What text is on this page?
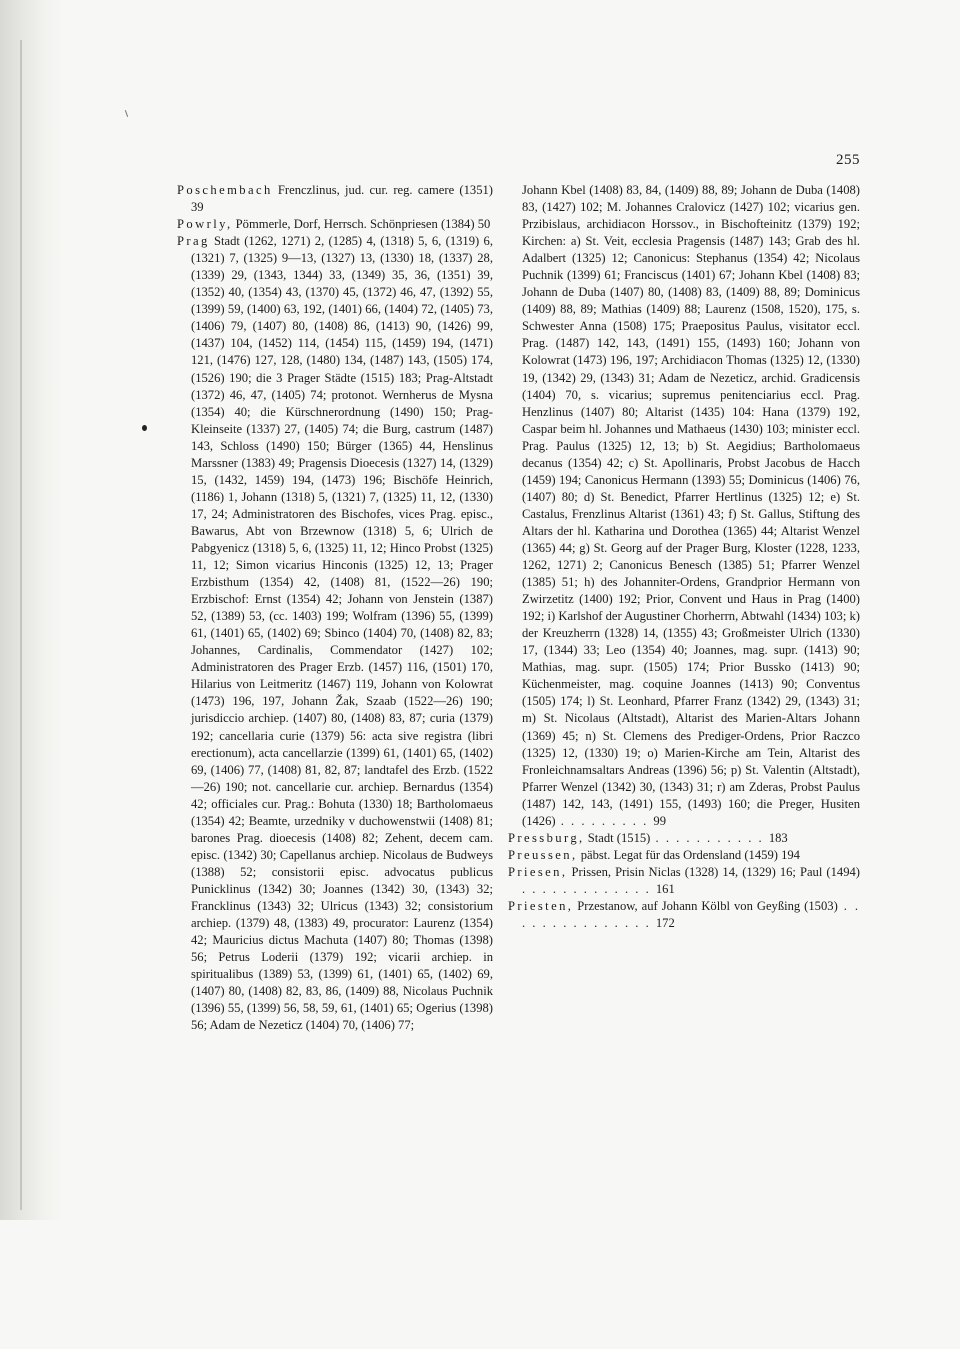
255

Poschembach Frenczlinus, jud. cur. reg. camere (1351) 39

Powrly, Pömmerle, Dorf, Herrsch. Schönpriesen (1384) 50

Prag Stadt (1262, 1271) 2, (1285) 4, (1318) 5, 6, (1319) 6, (1321) 7, (1325) 9—13, (1327) 13, (1330) 18, (1337) 28, (1339) 29, (1343, 1344) 33, (1349) 35, 36, (1351) 39, (1352) 40, (1354) 43, (1370) 45, (1372) 46, 47, (1392) 55, (1399) 59, (1400) 63, 192, (1401) 66, (1404) 72, (1405) 73, (1406) 79, (1407) 80, (1408) 86, (1413) 90, (1426) 99, (1437) 104, (1452) 114, (1454) 115, (1459) 194, (1471) 121, (1476) 127, 128, (1480) 134, (1487) 143, (1505) 174, (1526) 190; die 3 Prager Städte (1515) 183; Prag-Altstadt (1372) 46, 47, (1405) 74; protonot. Wernherus de Mysna (1354) 40; die Kürschnerordnung (1490) 150; Prag-Kleinseite (1337) 27, (1405) 74; die Burg, castrum (1487) 143, Schloss (1490) 150; Bürger (1365) 44, Henslinus Marssner (1383) 49; Pragensis Dioecesis (1327) 14, (1329) 15, (1432, 1459) 194, (1473) 196; Bischöfe Heinrich, (1186) 1, Johann (1318) 5, (1321) 7, (1325) 11, 12, (1330) 17, 24; Administratoren des Bischofes, vices Prag. episc., Bawarus, Abt von Brzewnow (1318) 5, 6; Ulrich de Pabgyenicz (1318) 5, 6, (1325) 11, 12; Hinco Probst (1325) 11, 12; Simon vicarius Hinconis (1325) 12, 13; Prager Erzbisthum (1354) 42, (1408) 81, (1522—26) 190; Erzbischof: Ernst (1354) 42; Johann von Jenstein (1387) 52, (1389) 53, (cc. 1403) 199; Wolfram (1396) 55, (1399) 61, (1401) 65, (1402) 69; Sbinco (1404) 70, (1408) 82, 83; Johannes, Cardinalis, Commendator (1427) 102; Administratoren des Prager Erzb. (1457) 116, (1501) 170, Hilarius von Leitmeritz (1467) 119, Johann von Kolowrat (1473) 196, 197, Johann Žak, Szaab (1522—26) 190; jurisdiccio archiep. (1407) 80, (1408) 83, 87; curia (1379) 192; cancellaria curie (1379) 56: acta sive registra (libri erectionum), acta cancellarzie (1399) 61, (1401) 65, (1402) 69, (1406) 77, (1408) 81, 82, 87; landtafel des Erzb. (1522—26) 190; not. cancellarie cur. archiep. Bernardus (1354) 42; officiales cur. Prag.: Bohuta (1330) 18; Bartholomaeus (1354) 42; Beamte, urzedniky v duchowenstwii (1408) 81; barones Prag. dioecesis (1408) 82; Zehent, decem cam. episc. (1342) 30; Capellanus archiep. Nicolaus de Budweys (1388) 52; consistorii episc. advocatus publicus Punicklinus (1342) 30; Joannes (1342) 30, (1343) 32; Francklinus (1343) 32; Ulricus (1343) 32; consistorium archiep. (1379) 48, (1383) 49, procurator: Laurenz (1354) 42; Mauricius dictus Machuta (1407) 80; Thomas (1398) 56; Petrus Loderii (1379) 192; vicarii archiep. in spiritualibus (1389) 53, (1399) 61, (1401) 65, (1402) 69, (1407) 80, (1408) 82, 83, 86, (1409) 88, Nicolaus Puchnik (1396) 55, (1399) 56, 58, 59, 61, (1401) 65; Ogerius (1398) 56; Adam de Nezeticz (1404) 70, (1406) 77;

Johann Kbel (1408) 83, 84, (1409) 88, 89; Johann de Duba (1408) 83, (1427) 102; M. Johannes Cralovicz (1427) 102; vicarius gen. Przibislaus, archidiacon Horssov., in Bischofteinitz (1379) 192; Kirchen: a) St. Veit, ecclesia Pragensis (1487) 143; Grab des hl. Adalbert (1325) 12; Canonicus: Stephanus (1354) 42; Nicolaus Puchnik (1399) 61; Franciscus (1401) 67; Johann Kbel (1408) 83; Johann de Duba (1407) 80, (1408) 83, (1409) 88, 89; Dominicus (1409) 88, 89; Mathias (1409) 88; Laurenz (1508, 1520), 175, s. Schwester Anna (1508) 175; Praepositus Paulus, visitator eccl. Prag. (1487) 142, 143, (1491) 155, (1493) 160; Johann von Kolowrat (1473) 196, 197; Archidiacon Thomas (1325) 12, (1330) 19, (1342) 29, (1343) 31; Adam de Nezeticz, archid. Gradicensis (1404) 70, s. vicarius; supremus penitenciarius eccl. Prag. Henzlinus (1407) 80; Altarist (1435) 104: Hana (1379) 192, Caspar beim hl. Johannes und Mathaeus (1430) 103; minister eccl. Prag. Paulus (1325) 12, 13; b) St. Aegidius; Bartholomaeus decanus (1354) 42; c) St. Apollinaris, Probst Jacobus de Hacch (1459) 194; Canonicus Hermann (1393) 55; Dominicus (1406) 76, (1407) 80; d) St. Benedict, Pfarrer Hertlinus (1325) 12; e) St. Castalus, Frenzlinus Altarist (1361) 43; f) St. Gallus, Stiftung des Altars der hl. Katharina und Dorothea (1365) 44; Altarist Wenzel (1365) 44; g) St. Georg auf der Prager Burg, Kloster (1228, 1233, 1262, 1271) 2; Canonicus Benesch (1385) 51; Pfarrer Wenzel (1385) 51; h) des Johanniter-Ordens, Grandprior Hermann von Zwirzetitz (1400) 192; Prior, Convent und Haus in Prag (1400) 192; i) Karlshof der Augustiner Chorherrn, Abtwahl (1434) 103; k) der Kreuzherrn (1328) 14, (1355) 43; Großmeister Ulrich (1330) 17, (1344) 33; Leo (1354) 40; Joannes, mag. supr. (1413) 90; Mathias, mag. supr. (1505) 174; Prior Bussko (1413) 90; Küchenmeister, mag. coquine Joannes (1413) 90; Conventus (1505) 174; l) St. Leonhard, Pfarrer Franz (1342) 29, (1343) 31; m) St. Nicolaus (Altstadt), Altarist des Marien-Altars Johann (1369) 45; n) St. Clemens des Prediger-Ordens, Prior Raczco (1325) 12, (1330) 19; o) Marien-Kirche am Tein, Altarist des Fronleichnamsaltars Andreas (1396) 56; p) St. Valentin (Altstadt), Pfarrer Wenzel (1342) 30, (1343) 31; r) am Zderas, Probst Paulus (1487) 142, 143, (1491) 155, (1493) 160; die Preger, Husiten (1426) . . . . . . . . . 99

Pressburg, Stadt (1515) . . . . . . . . . . . 183

Preussen, päbst. Legat für das Ordensland (1459) 194

Priesen, Prissen, Prisin Niclas (1328) 14, (1329) 16; Paul (1494) . . . . . . . . . . . . . 161

Priesten, Przestanow, auf Johann Kölbl von Geyßing (1503) . . . . . . . . . . . . . . . 172
